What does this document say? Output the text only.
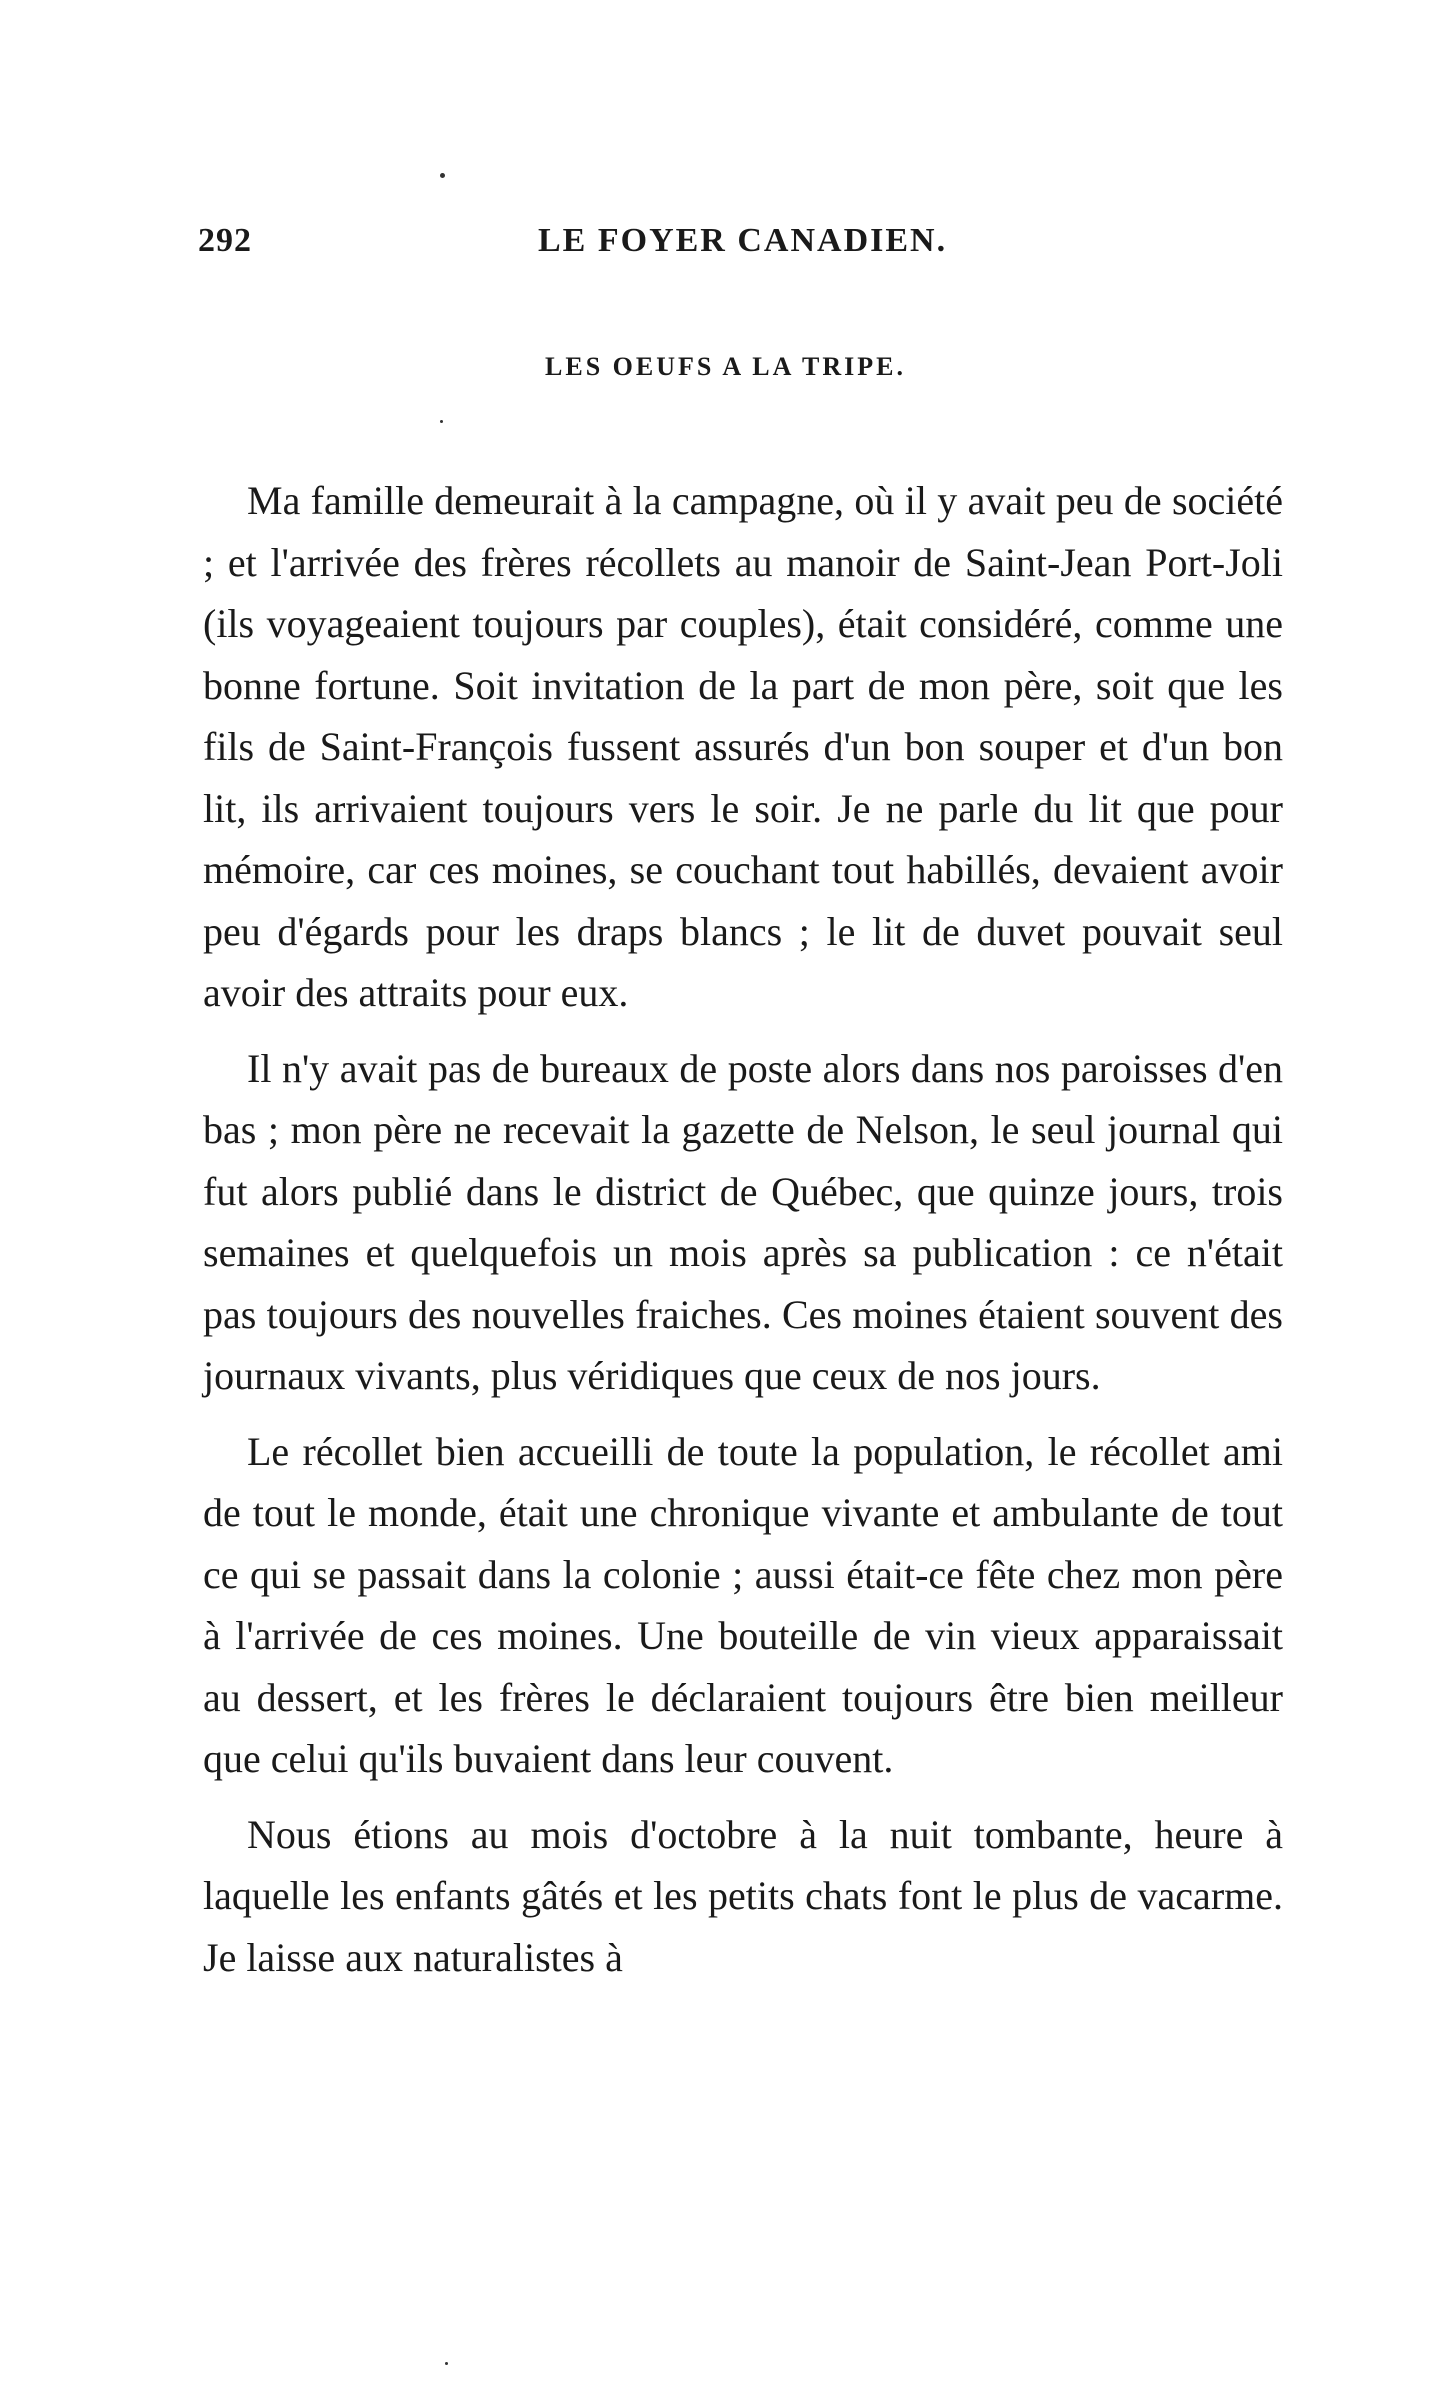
292	LE FOYER CANADIEN.
LES OEUFS A LA TRIPE.

Ma famille demeurait à la campagne, où il y avait peu de société ; et l'arrivée des frères récollets au manoir de Saint-Jean Port-Joli (ils voyageaient toujours par couples), était considéré, comme une bonne fortune. Soit invitation de la part de mon père, soit que les fils de Saint-François fussent assurés d'un bon souper et d'un bon lit, ils arrivaient toujours vers le soir. Je ne parle du lit que pour mémoire, car ces moines, se couchant tout habillés, devaient avoir peu d'égards pour les draps blancs ; le lit de duvet pouvait seul avoir des attraits pour eux.

Il n'y avait pas de bureaux de poste alors dans nos paroisses d'en bas ; mon père ne recevait la gazette de Nelson, le seul journal qui fut alors publié dans le district de Québec, que quinze jours, trois semaines et quelquefois un mois après sa publication : ce n'était pas toujours des nouvelles fraiches. Ces moines étaient souvent des journaux vivants, plus véridiques que ceux de nos jours.

Le récollet bien accueilli de toute la population, le récollet ami de tout le monde, était une chronique vivante et ambulante de tout ce qui se passait dans la colonie ; aussi était-ce fête chez mon père à l'arrivée de ces moines. Une bouteille de vin vieux apparaissait au dessert, et les frères le déclaraient toujours être bien meilleur que celui qu'ils buvaient dans leur couvent.

Nous étions au mois d'octobre à la nuit tombante, heure à laquelle les enfants gâtés et les petits chats font le plus de vacarme. Je laisse aux naturalistes à
